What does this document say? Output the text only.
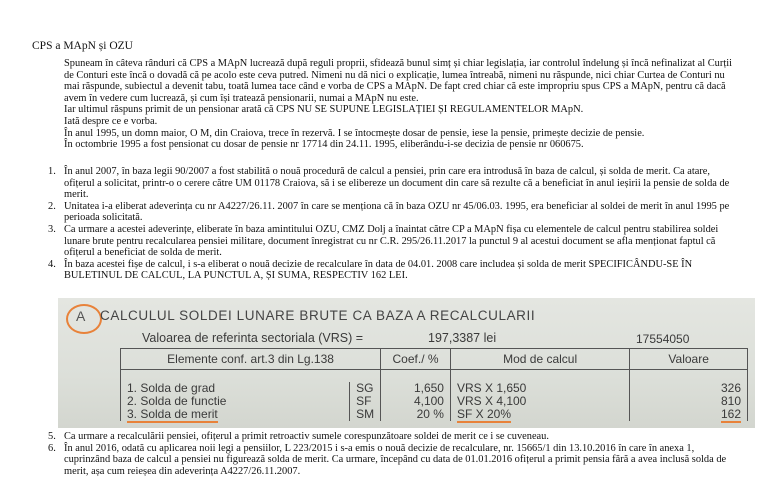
CPS a MApN și OZU

Spuneam în câteva rânduri că CPS a MApN lucrează după reguli proprii, sfidează bunul simț și chiar legislația, iar controlul îndelung și încă nefinalizat al Curții de Conturi este încă o dovadă că pe acolo este ceva putred. Nimeni nu dă nici o explicație, lumea întreabă, nimeni nu răspunde, nici chiar Curtea de Conturi nu mai răspunde, subiectul a devenit tabu, toată lumea tace când e vorba de CPS a MApN. De fapt cred chiar că este impropriu spus CPS a MApN, pentru că dacă avem în vedere cum lucrează, și cum își tratează pensionarii, numai a MApN nu este.

Iar ultimul răspuns primit de un pensionar arată că CPS NU SE SUPUNE LEGISLAȚIEI ȘI REGULAMENTELOR MApN.

Iată despre ce e vorba.

În anul 1995, un domn maior, O M, din Craiova, trece în rezervă. I se întocmește dosar de pensie, iese la pensie, primește decizie de pensie.

În octombrie 1995 a fost pensionat cu dosar de pensie nr 17714 din 24.11. 1995, eliberându-i-se decizia de pensie nr 060675.

1. În anul 2007, în baza legii 90/2007 a fost stabilită o nouă procedură de calcul a pensiei, prin care era introdusă în baza de calcul, și solda de merit. Ca atare, ofițerul a solicitat, printr-o o cerere către UM 01178 Craiova, să i se elibereze un document din care să rezulte că a beneficiat în anul ieșirii la pensie de solda de merit.
2. Unitatea i-a eliberat adeverința cu nr A4227/26.11. 2007 în care se menționa că în baza OZU nr 45/06.03. 1995, era beneficiar al soldei de merit în anul 1995 pe perioada solicitată.
3. Ca urmare a acestei adeverințe, eliberate în baza amintitului OZU, CMZ Dolj a înaintat către CP a MApN fișa cu elementele de calcul pentru stabilirea soldei lunare brute pentru recalcularea pensiei militare, document înregistrat cu nr C.R. 295/26.11.2017 la punctul 9 al acestui document se afla menționat faptul că ofițerul a beneficiat de solda de merit.
4. În baza acestei fișe de calcul, i s-a eliberat o nouă decizie de recalculare în data de 04.01. 2008 care includea și solda de merit SPECIFICÂNDU-SE ÎN BULETINUL DE CALCUL, LA PUNCTUL A, ȘI SUMA, RESPECTIV 162 LEI.
A CALCULUL SOLDEI LUNARE BRUTE CA BAZA A RECALCULARII
Valoarea de referinta sectoriala (VRS) =	197,3387 lei	17554050
Elemente conf. art.3 din Lg.138		Coef./ %	Mod de calcul	Valoare

1. Solda de grad	SG	1,650	VRS X 1,650	326
2. Solda de functie	SF	4,100	VRS X 4,100	810
3. Solda de merit	SM	20 %	SF X 20%	162
5. Ca urmare a recalculării pensiei, ofițerul a primit retroactiv sumele corespunzătoare soldei de merit ce i se cuveneau.
6. În anul 2016, odată cu aplicarea noii legi a pensiilor, L 223/2015 i s-a emis o nouă decizie de recalculare, nr. 15665/1 din 13.10.2016 în care în anexa 1, cuprinzând baza de calcul a pensiei nu figurează solda de merit. Ca urmare, începând cu data de 01.01.2016 ofițerul a primit pensia fără a avea inclusă solda de merit, așa cum reieșea din adeverința A4227/26.11.2007.
